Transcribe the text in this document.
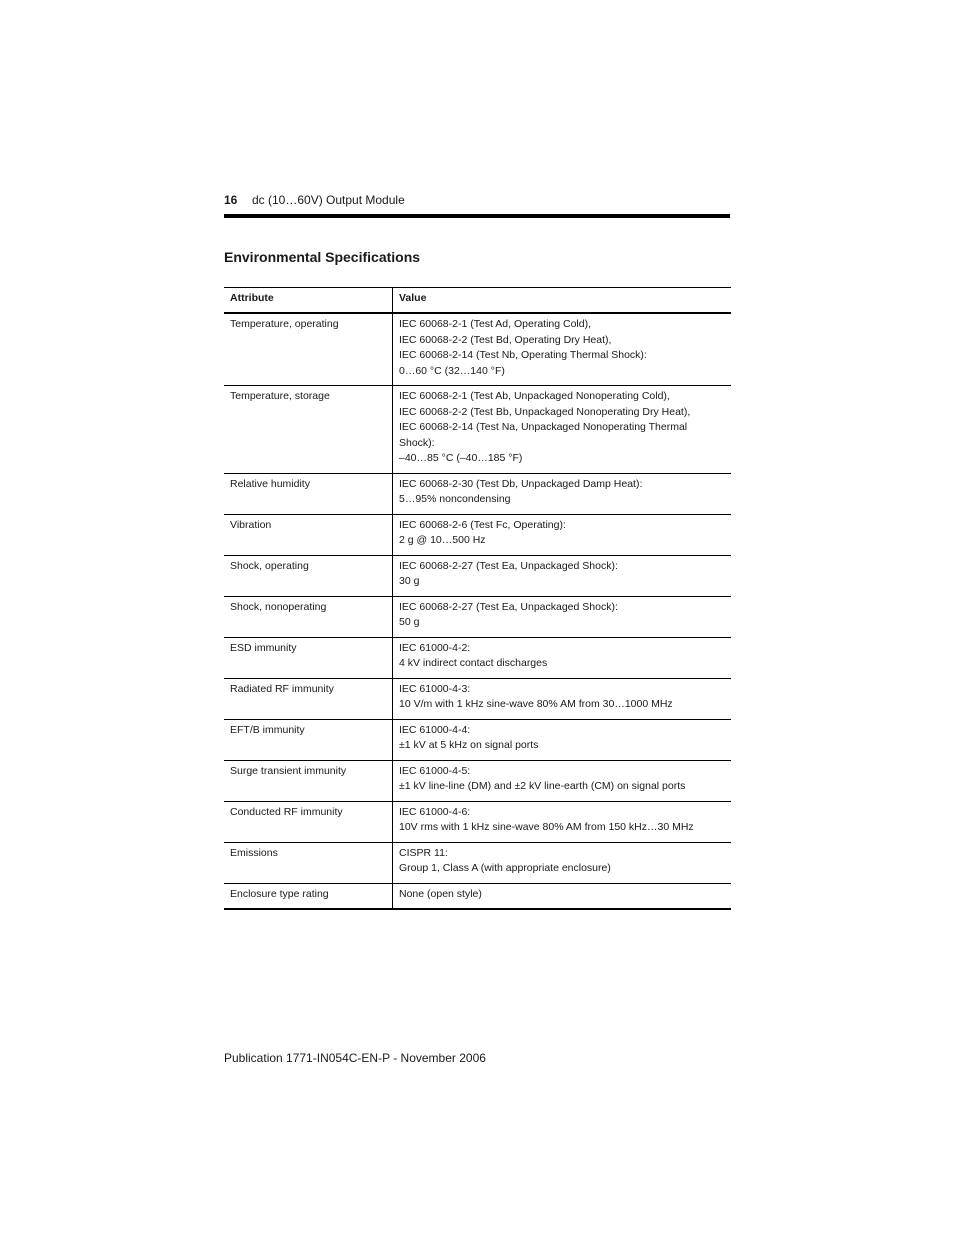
16 dc (10…60V) Output Module
Environmental Specifications
Attribute	Value
Temperature, operating	IEC 60068-2-1 (Test Ad, Operating Cold),
IEC 60068-2-2 (Test Bd, Operating Dry Heat),
IEC 60068-2-14 (Test Nb, Operating Thermal Shock):
0…60 °C (32…140 °F)

Temperature, storage	IEC 60068-2-1 (Test Ab, Unpackaged Nonoperating Cold),
IEC 60068-2-2 (Test Bb, Unpackaged Nonoperating Dry Heat),
IEC 60068-2-14 (Test Na, Unpackaged Nonoperating Thermal Shock):
–40…85 °C (–40…185 °F)

Relative humidity	IEC 60068-2-30 (Test Db, Unpackaged Damp Heat):
5…95% noncondensing

Vibration	IEC 60068-2-6 (Test Fc, Operating):
2 g @ 10…500 Hz

Shock, operating	IEC 60068-2-27 (Test Ea, Unpackaged Shock):
30 g

Shock, nonoperating	IEC 60068-2-27 (Test Ea, Unpackaged Shock):
50 g

ESD immunity	IEC 61000-4-2:
4 kV indirect contact discharges

Radiated RF immunity	IEC 61000-4-3:
10 V/m with 1 kHz sine-wave 80% AM from 30…1000 MHz

EFT/B immunity	IEC 61000-4-4:
±1 kV at 5 kHz on signal ports

Surge transient immunity	IEC 61000-4-5:
±1 kV line-line (DM) and ±2 kV line-earth (CM) on signal ports

Conducted RF immunity	IEC 61000-4-6:
10V rms with 1 kHz sine-wave 80% AM from 150 kHz…30 MHz

Emissions	CISPR 11:
Group 1, Class A (with appropriate enclosure)

Enclosure type rating	None (open style)
Publication 1771-IN054C-EN-P - November 2006
